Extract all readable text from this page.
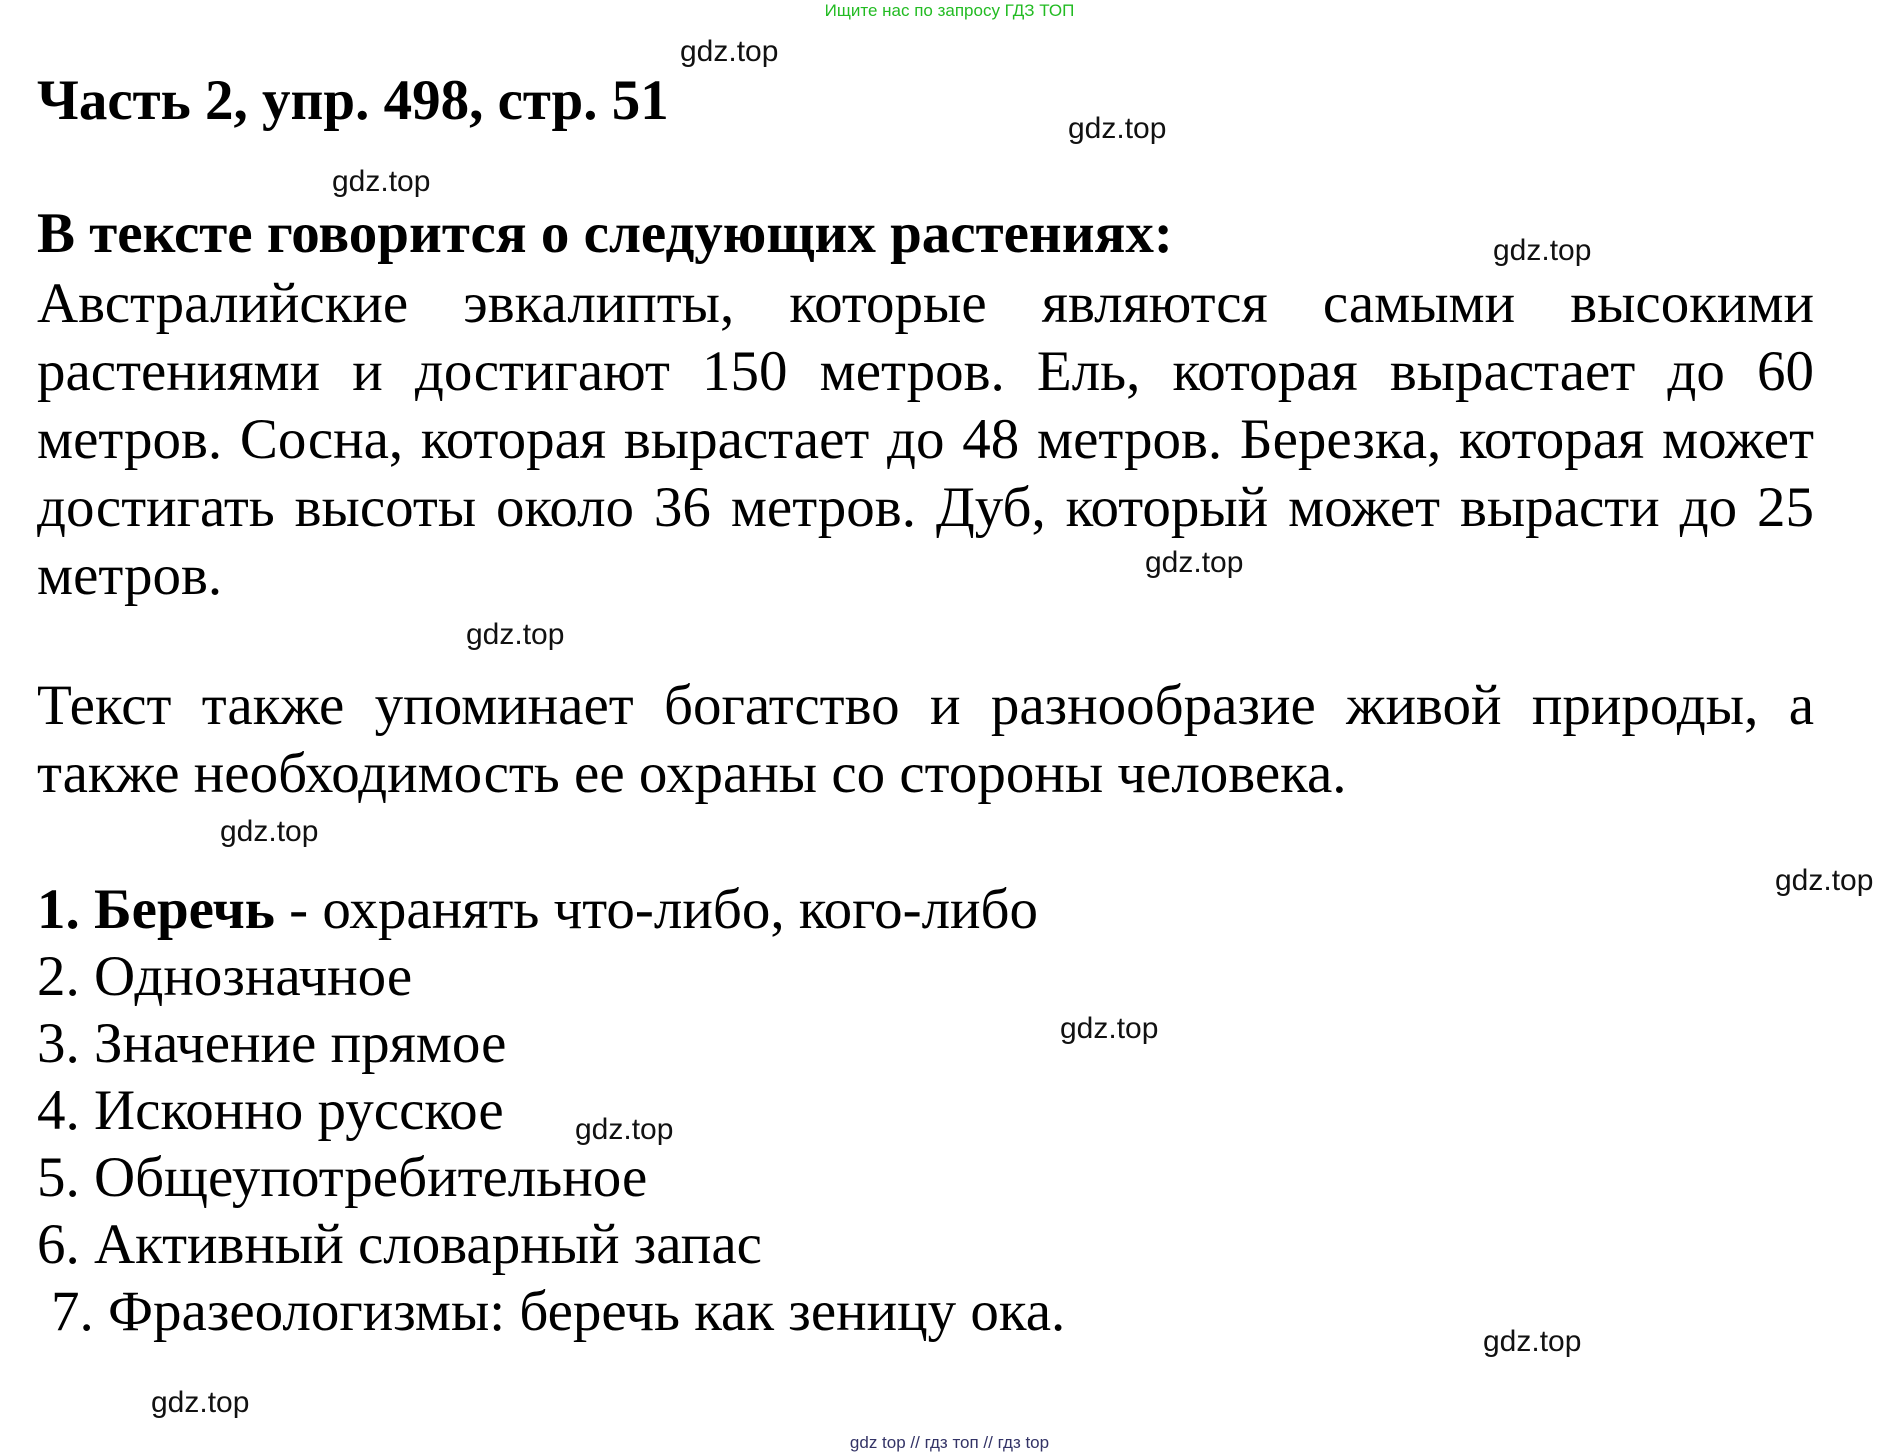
Ищите нас по запросу ГДЗ ТОП
Часть 2, упр. 498, стр. 51
В тексте говорится о следующих растениях:

Австралийские эвкалипты, которые являются самыми высокими растениями и достигают 150 метров. Ель, которая вырастает до 60 метров. Сосна, которая вырастает до 48 метров. Березка, которая может достигать высоты около 36 метров. Дуб, который может вырасти до 25 метров.

Текст также упоминает богатство и разнообразие живой природы, а также необходимость ее охраны со стороны человека.

1. Беречь - охранять что-либо, кого-либо
2. Однозначное
3. Значение прямое
4. Исконно русское
5. Общеупотребительное
6. Активный словарный запас
7. Фразеологизмы: беречь как зеницу ока.
gdz.top
gdz.top
gdz.top
gdz.top
gdz.top
gdz.top
gdz.top
gdz.top
gdz.top
gdz.top
gdz.top
gdz.top
gdz top // гдз топ // гдз top
